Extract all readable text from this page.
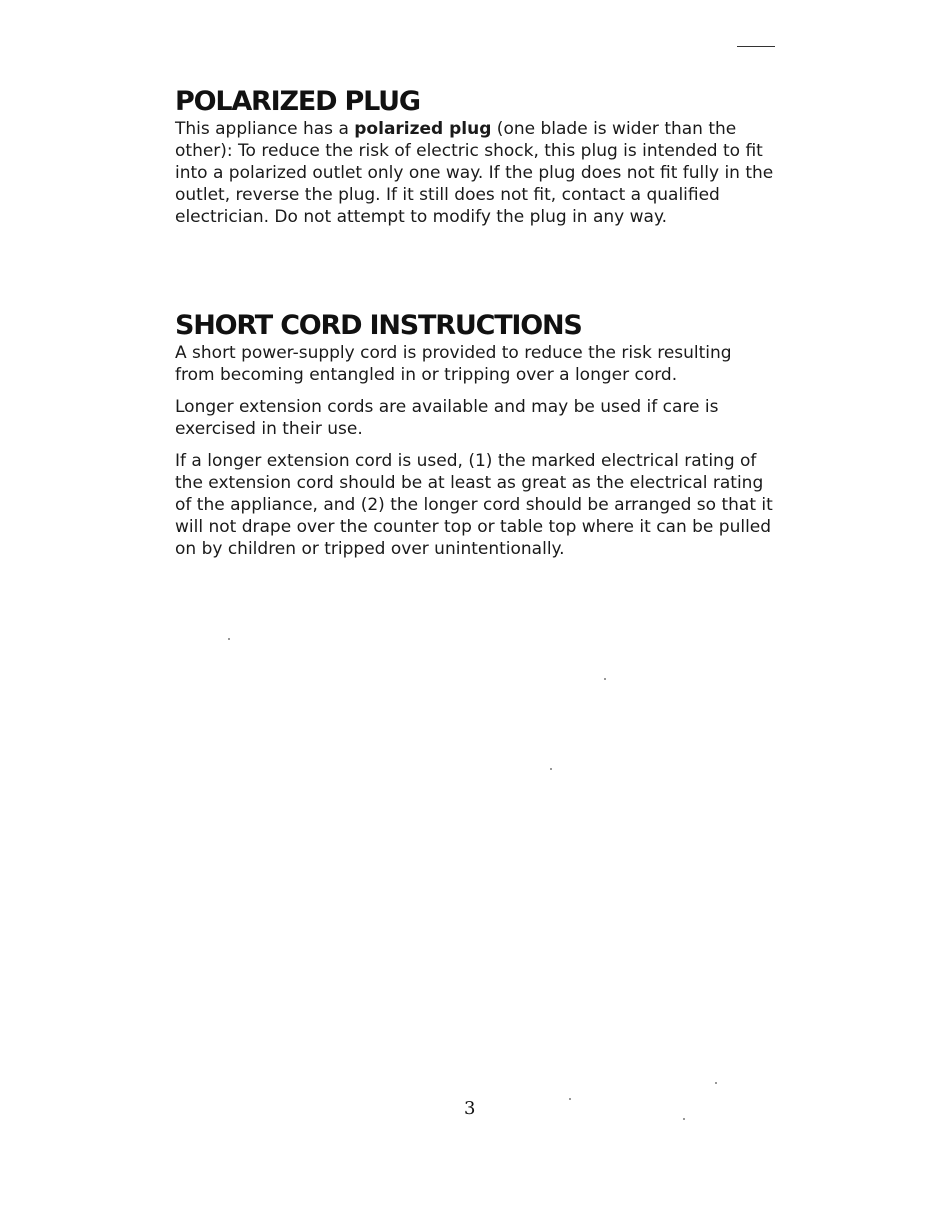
POLARIZED PLUG

This appliance has a polarized plug (one blade is wider than the other): To reduce the risk of electric shock, this plug is intended to fit into a polarized outlet only one way. If the plug does not fit fully in the outlet, reverse the plug. If it still does not fit, contact a qualified electrician. Do not attempt to modify the plug in any way.

SHORT CORD INSTRUCTIONS

A short power-supply cord is provided to reduce the risk resulting from becoming entangled in or tripping over a longer cord.

Longer extension cords are available and may be used if care is exercised in their use.

If a longer extension cord is used, (1) the marked electrical rating of the extension cord should be at least as great as the electrical rating of the appliance, and (2) the longer cord should be arranged so that it will not drape over the counter top or table top where it can be pulled on by children or tripped over unintentionally.

3
